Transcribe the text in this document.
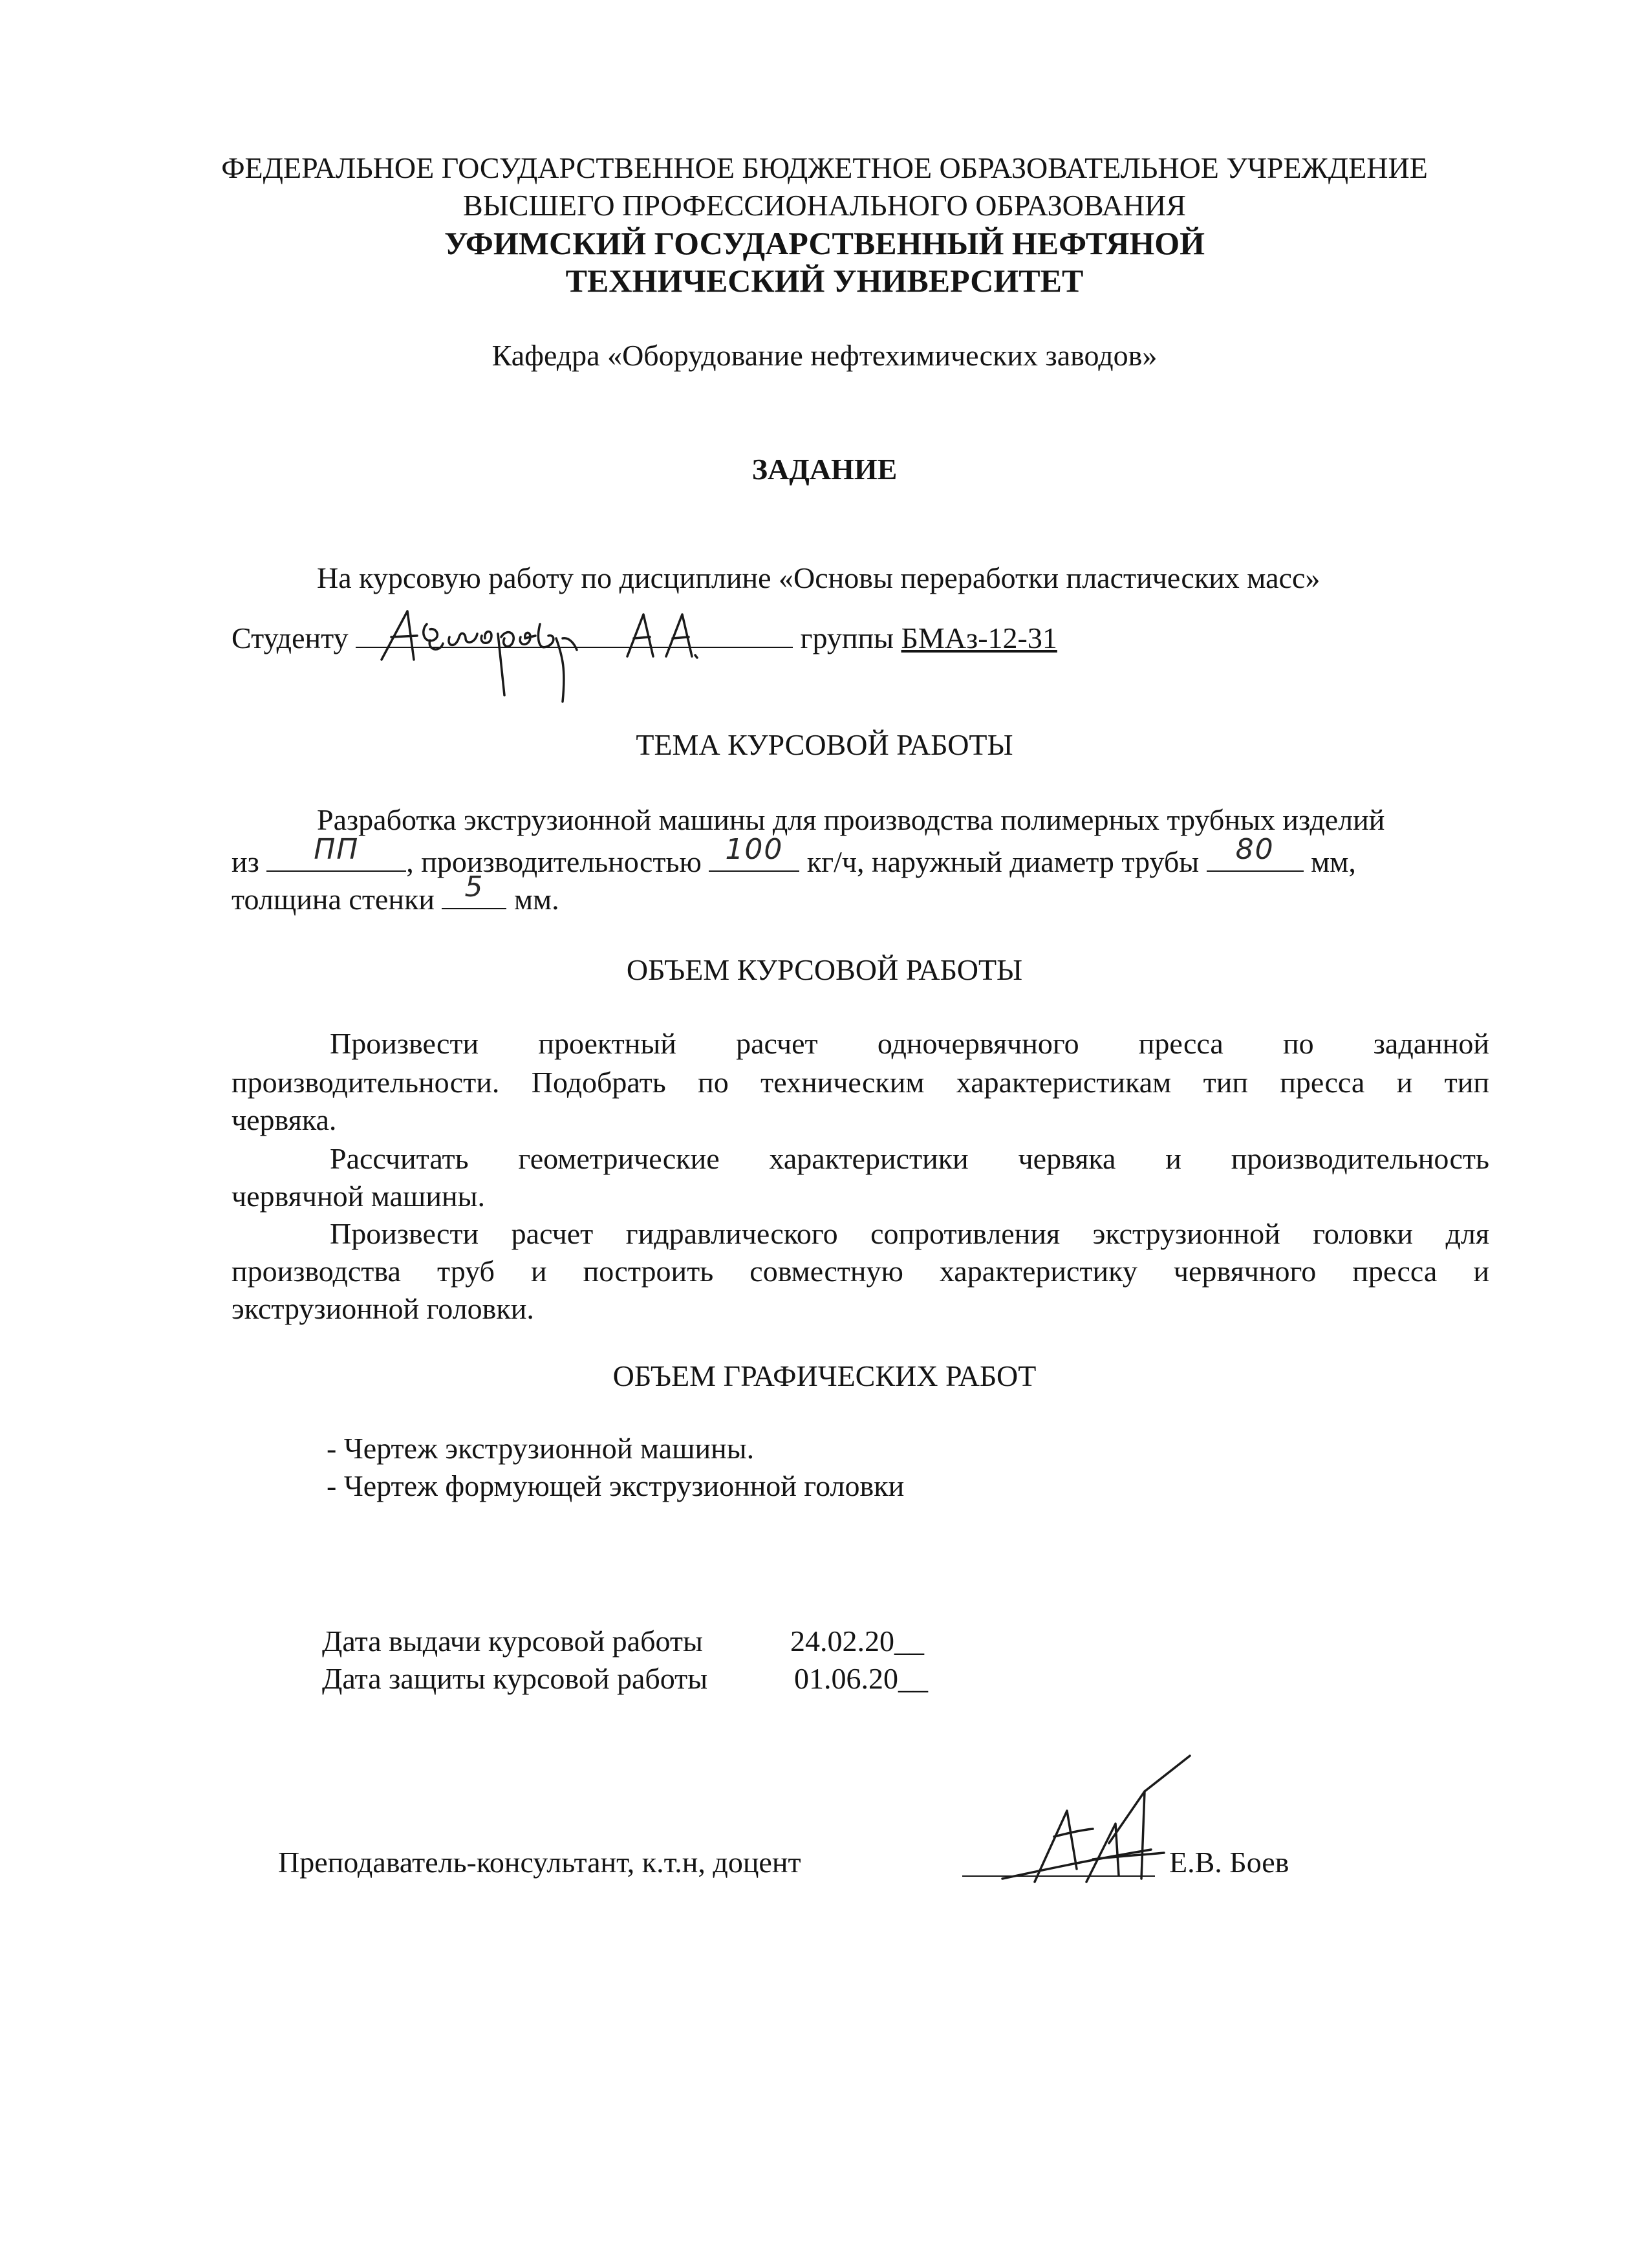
ФЕДЕРАЛЬНОЕ ГОСУДАРСТВЕННОЕ БЮДЖЕТНОЕ ОБРАЗОВАТЕЛЬНОЕ УЧРЕЖДЕНИЕ
ВЫСШЕГО ПРОФЕССИОНАЛЬНОГО ОБРАЗОВАНИЯ
УФИМСКИЙ ГОСУДАРСТВЕННЫЙ НЕФТЯНОЙ
ТЕХНИЧЕСКИЙ УНИВЕРСИТЕТ
Кафедра «Оборудование нефтехимических заводов»
ЗАДАНИЕ
На курсовую работу по дисциплине «Основы переработки пластических масс»
Студенту	группы БМАз-12-31
ТЕМА КУРСОВОЙ РАБОТЫ
Разработка экструзионной машины для производства полимерных трубных изделий
из	ПП	, производительностью 100 кг/ч, наружный диаметр трубы	80	мм,
толщина стенки	5	мм.
ОБЪЕМ КУРСОВОЙ РАБОТЫ
Произвести проектный расчет одночервячного пресса по заданной
производительности. Подобрать по техническим характеристикам тип пресса и тип
червяка.
Рассчитать геометрические характеристики червяка и производительность
червячной машины.
Произвести расчет гидравлического сопротивления экструзионной головки для
производства труб и построить совместную характеристику червячного пресса и
экструзионной головки.
ОБЪЕМ ГРАФИЧЕСКИХ РАБОТ
- Чертеж экструзионной машины.
- Чертеж формующей экструзионной головки
Дата выдачи курсовой работы	24.02.20__
Дата защиты курсовой работы	01.06.20__
Преподаватель-консультант, к.т.н, доцент	Е.В. Боев
